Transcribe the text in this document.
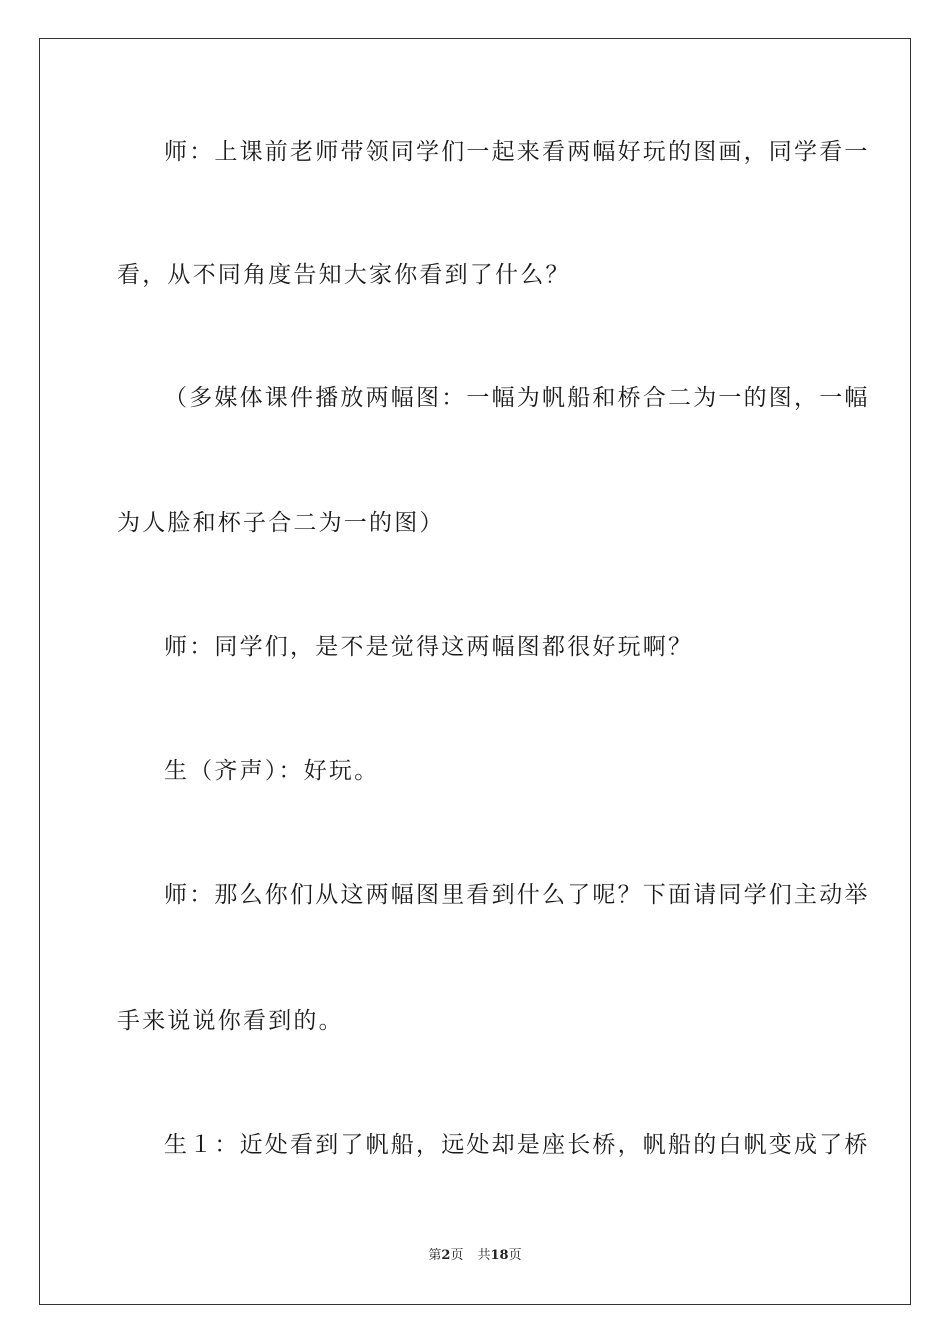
师：上课前老师带领同学们一起来看两幅好玩的图画，同学看一
看，从不同角度告知大家你看到了什么？
（多媒体课件播放两幅图：一幅为帆船和桥合二为一的图，一幅
为人脸和杯子合二为一的图）
师：同学们，是不是觉得这两幅图都很好玩啊？
生（齐声）：好玩。
师：那么你们从这两幅图里看到什么了呢？下面请同学们主动举
手来说说你看到的。
生１：近处看到了帆船，远处却是座长桥，帆船的白帆变成了桥
第2页 共18页
